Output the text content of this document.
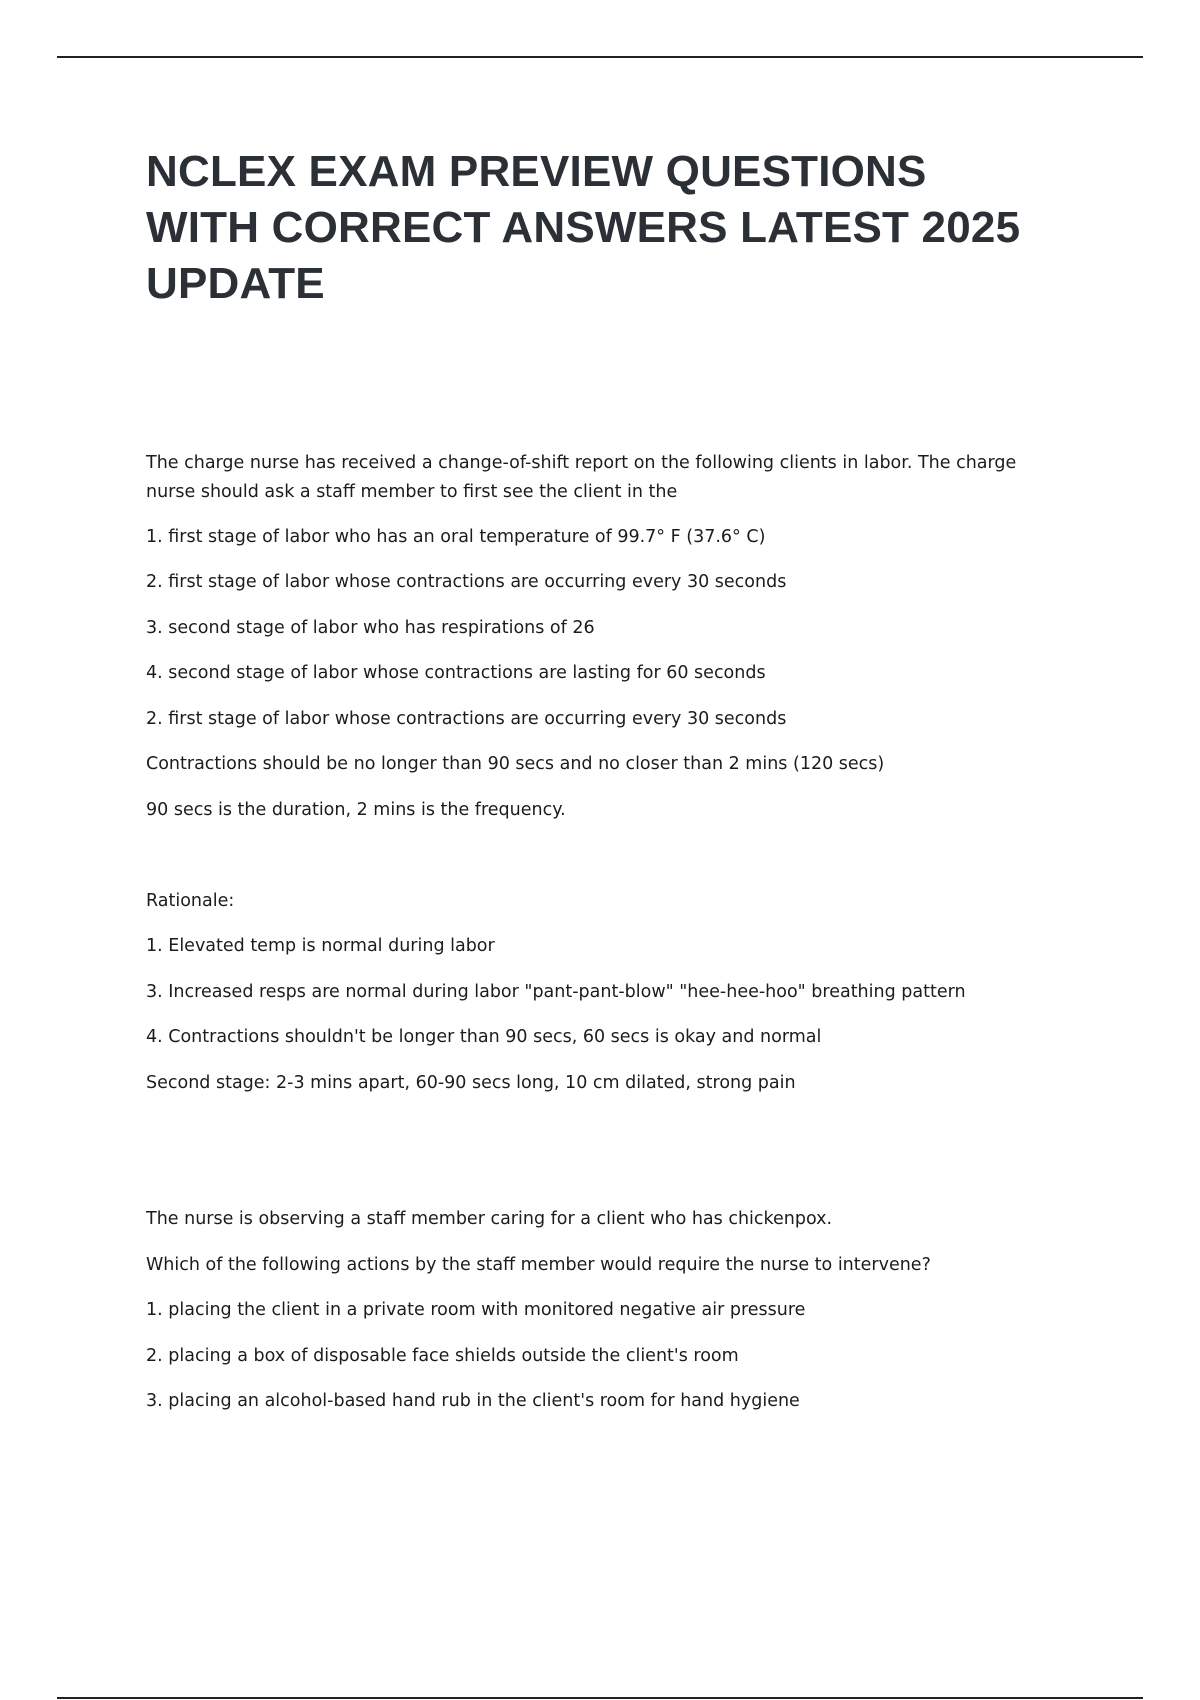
NCLEX EXAM PREVIEW QUESTIONS WITH CORRECT ANSWERS LATEST 2025 UPDATE

The charge nurse has received a change-of-shift report on the following clients in labor. The charge nurse should ask a staff member to first see the client in the

1. first stage of labor who has an oral temperature of 99.7° F (37.6° C)

2. first stage of labor whose contractions are occurring every 30 seconds

3. second stage of labor who has respirations of 26

4. second stage of labor whose contractions are lasting for 60 seconds

2. first stage of labor whose contractions are occurring every 30 seconds

Contractions should be no longer than 90 secs and no closer than 2 mins (120 secs)

90 secs is the duration, 2 mins is the frequency.

Rationale:

1. Elevated temp is normal during labor

3. Increased resps are normal during labor "pant-pant-blow" "hee-hee-hoo" breathing pattern

4. Contractions shouldn't be longer than 90 secs, 60 secs is okay and normal

Second stage: 2-3 mins apart, 60-90 secs long, 10 cm dilated, strong pain

The nurse is observing a staff member caring for a client who has chickenpox.

Which of the following actions by the staff member would require the nurse to intervene?

1. placing the client in a private room with monitored negative air pressure

2. placing a box of disposable face shields outside the client's room

3. placing an alcohol-based hand rub in the client's room for hand hygiene
